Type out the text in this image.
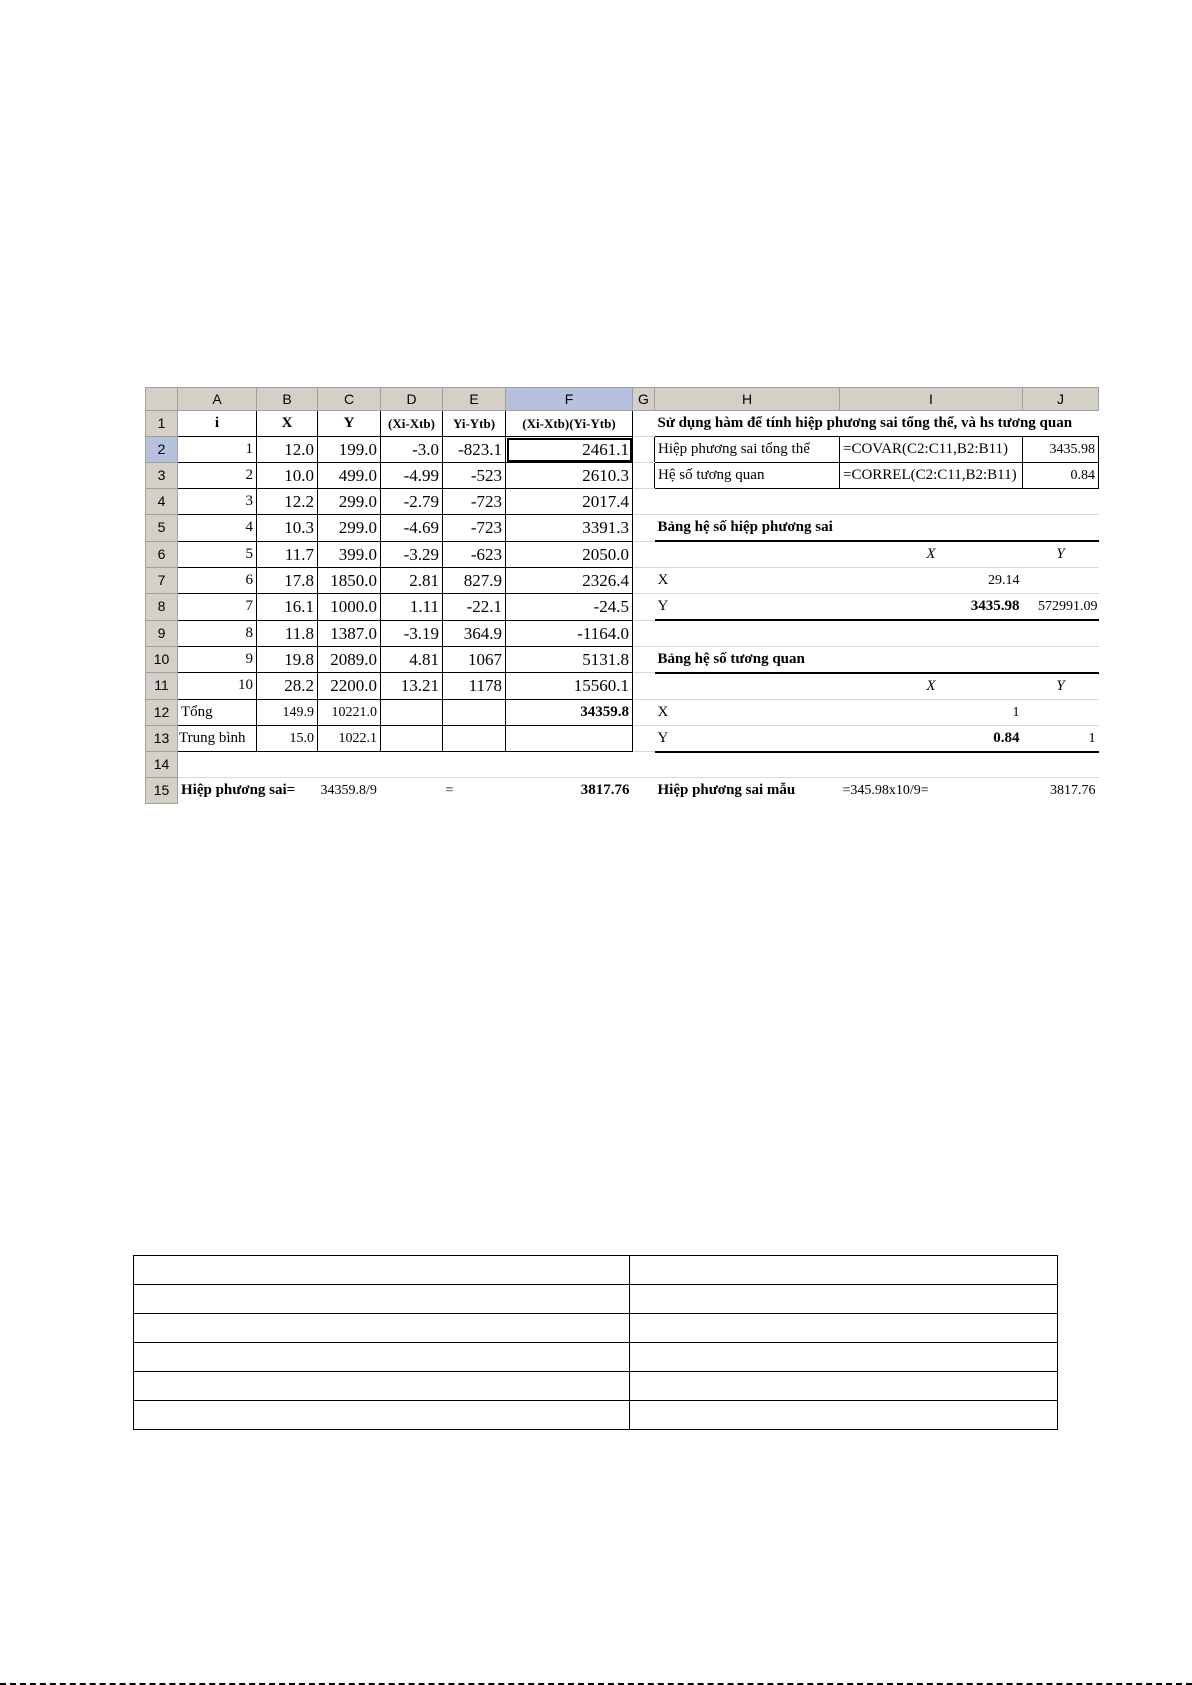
	A	B	C	D	E	F	G	H	I	J
1	i	X	Y	(Xi-Xtb)	Yi-Ytb)	(Xi-Xtb)(Yi-Ytb)		Sử dụng hàm để tính hiệp phương sai tổng thể, và hs tương quan		
2	1	12.0	199.0	-3.0	-823.1	2461.1		Hiệp phương sai tổng thể	=COVAR(C2:C11,B2:B11)	3435.98
3	2	10.0	499.0	-4.99	-523	2610.3		Hệ số tương quan	=CORREL(C2:C11,B2:B11)	0.84
4	3	12.2	299.0	-2.79	-723	2017.4				
5	4	10.3	299.0	-4.69	-723	3391.3		Bảng hệ số hiệp phương sai		
6	5	11.7	399.0	-3.29	-623	2050.0			X	Y
7	6	17.8	1850.0	2.81	827.9	2326.4		X	29.14	
8	7	16.1	1000.0	1.11	-22.1	-24.5		Y	3435.98	572991.09
9	8	11.8	1387.0	-3.19	364.9	-1164.0				
10	9	19.8	2089.0	4.81	1067	5131.8		Bảng hệ số tương quan		
11	10	28.2	2200.0	13.21	1178	15560.1			X	Y
12	Tổng	149.9	10221.0			34359.8		X	1	
13	Trung bình	15.0	1022.1					Y	0.84	1
14										
15	Hiệp phương sai=		34359.8/9		=	3817.76		Hiệp phương sai mẫu	=345.98x10/9=	3817.76
